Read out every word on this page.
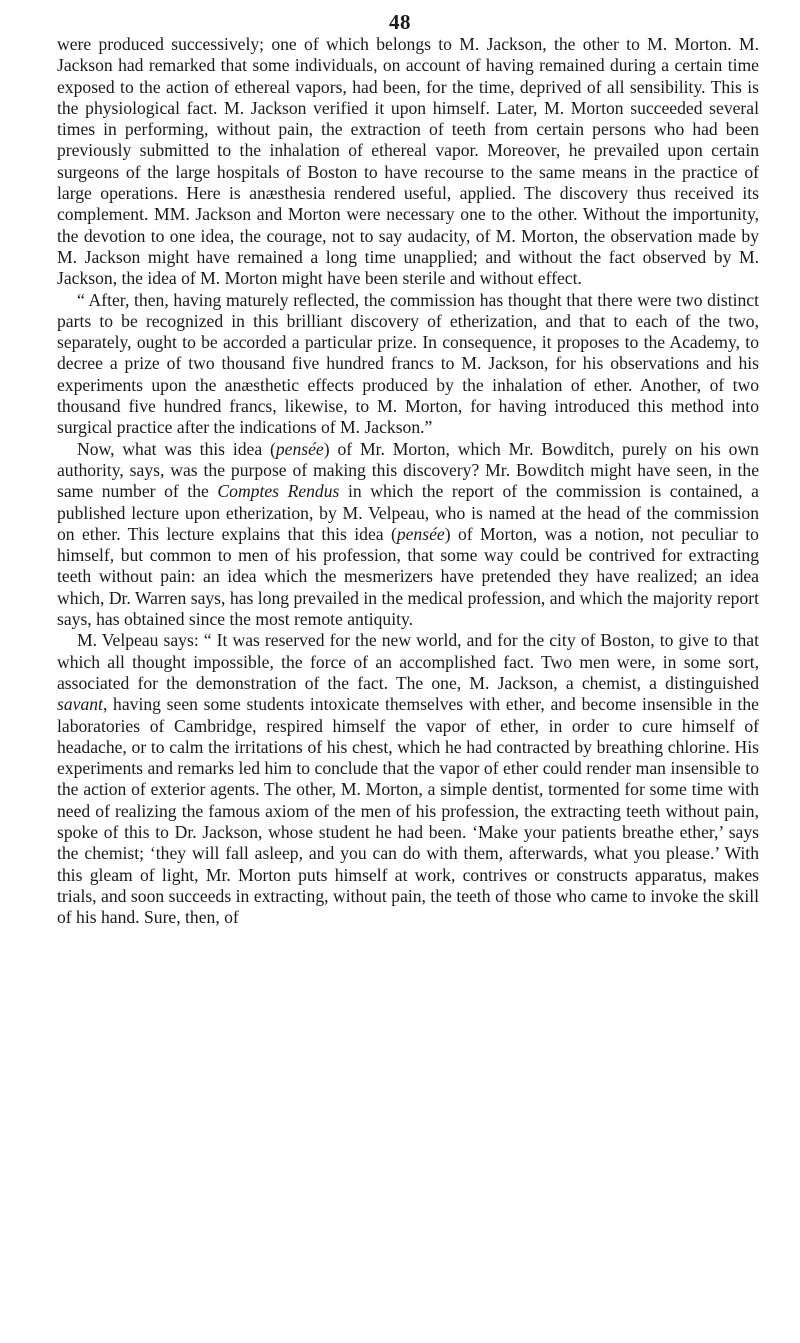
48

were produced successively; one of which belongs to M. Jackson, the other to M. Morton. M. Jackson had remarked that some individuals, on account of having remained during a certain time exposed to the action of ethereal vapors, had been, for the time, deprived of all sensibility. This is the physiological fact. M. Jackson verified it upon himself. Later, M. Morton succeeded several times in performing, without pain, the extraction of teeth from certain persons who had been previously submitted to the inhalation of ethereal vapor. Moreover, he prevailed upon certain surgeons of the large hospitals of Boston to have recourse to the same means in the practice of large operations. Here is anæsthesia rendered useful, applied. The discovery thus received its complement. MM. Jackson and Morton were necessary one to the other. Without the importunity, the devotion to one idea, the courage, not to say audacity, of M. Morton, the observation made by M. Jackson might have remained a long time unapplied; and without the fact observed by M. Jackson, the idea of M. Morton might have been sterile and without effect.

“ After, then, having maturely reflected, the commission has thought that there were two distinct parts to be recognized in this brilliant discovery of etherization, and that to each of the two, separately, ought to be accorded a particular prize. In consequence, it proposes to the Academy, to decree a prize of two thousand five hundred francs to M. Jackson, for his observations and his experiments upon the anæsthetic effects produced by the inhalation of ether. Another, of two thousand five hundred francs, likewise, to M. Morton, for having introduced this method into surgical practice after the indications of M. Jackson.”

Now, what was this idea (pensée) of Mr. Morton, which Mr. Bowditch, purely on his own authority, says, was the purpose of making this discovery? Mr. Bowditch might have seen, in the same number of the Comptes Rendus in which the report of the commission is contained, a published lecture upon etherization, by M. Velpeau, who is named at the head of the commission on ether. This lecture explains that this idea (pensée) of Morton, was a notion, not peculiar to himself, but common to men of his profession, that some way could be contrived for extracting teeth without pain: an idea which the mesmerizers have pretended they have realized; an idea which, Dr. Warren says, has long prevailed in the medical profession, and which the majority report says, has obtained since the most remote antiquity.

M. Velpeau says: “ It was reserved for the new world, and for the city of Boston, to give to that which all thought impossible, the force of an accomplished fact. Two men were, in some sort, associated for the demonstration of the fact. The one, M. Jackson, a chemist, a distinguished savant, having seen some students intoxicate themselves with ether, and become insensible in the laboratories of Cambridge, respired himself the vapor of ether, in order to cure himself of headache, or to calm the irritations of his chest, which he had contracted by breathing chlorine. His experiments and remarks led him to conclude that the vapor of ether could render man insensible to the action of exterior agents. The other, M. Morton, a simple dentist, tormented for some time with need of realizing the famous axiom of the men of his profession, the extracting teeth without pain, spoke of this to Dr. Jackson, whose student he had been. ‘Make your patients breathe ether,’ says the chemist; ‘they will fall asleep, and you can do with them, afterwards, what you please.’ With this gleam of light, Mr. Morton puts himself at work, contrives or constructs apparatus, makes trials, and soon succeeds in extracting, without pain, the teeth of those who came to invoke the skill of his hand. Sure, then, of
